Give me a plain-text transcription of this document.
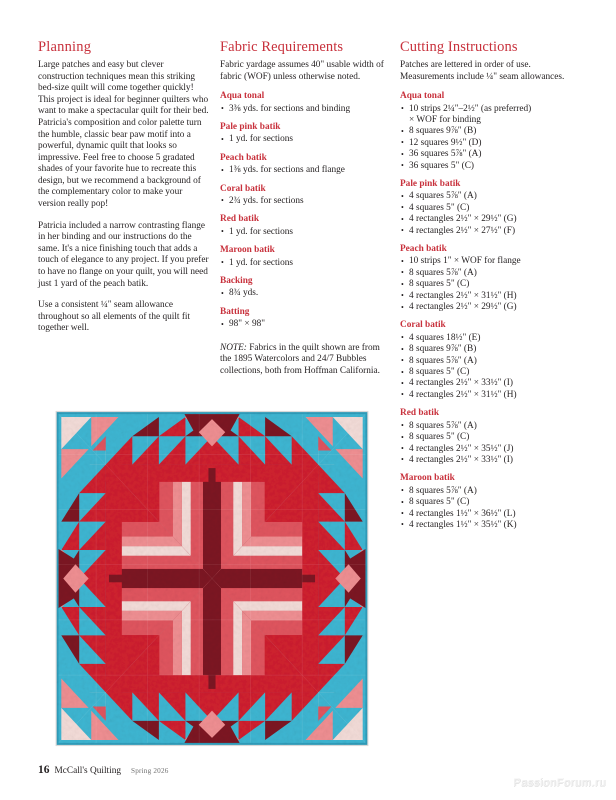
Planning

Large patches and easy but clever construction techniques mean this striking bed-size quilt will come together quickly! This project is ideal for beginner quilters who want to make a spectacular quilt for their bed. Patricia's composition and color palette turn the humble, classic bear paw motif into a powerful, dynamic quilt that looks so impressive. Feel free to choose 5 gradated shades of your favorite hue to recreate this design, but we recommend a background of the complementary color to make your version really pop!

Patricia included a narrow contrasting flange in her binding and our instructions do the same. It's a nice finishing touch that adds a touch of elegance to any project. If you prefer to have no flange on your quilt, you will need just 1 yard of the peach batik.

Use a consistent ¼" seam allowance throughout so all elements of the quilt fit together well.

Fabric Requirements

Fabric yardage assumes 40" usable width of fabric (WOF) unless otherwise noted.

Aqua tonal
• 3⅜ yds. for sections and binding
Pale pink batik
• 1 yd. for sections
Peach batik
• 1⅜ yds. for sections and flange
Coral batik
• 2¾ yds. for sections
Red batik
• 1 yd. for sections
Maroon batik
• 1 yd. for sections
Backing
• 8¾ yds.
Batting
• 98" × 98"

NOTE: Fabrics in the quilt shown are from the 1895 Watercolors and 24/7 Bubbles collections, both from Hoffman California.

Cutting Instructions

Patches are lettered in order of use. Measurements include ¼" seam allowances.

Aqua tonal
• 10 strips 2¼"–2½" (as preferred)
× WOF for binding
• 8 squares 9⅞" (B)
• 12 squares 9½" (D)
• 36 squares 5⅞" (A)
• 36 squares 5" (C)
Pale pink batik
• 4 squares 5⅞" (A)
• 4 squares 5" (C)
• 4 rectangles 2½" × 29½" (G)
• 4 rectangles 2½" × 27½" (F)
Peach batik
• 10 strips 1" × WOF for flange
• 8 squares 5⅞" (A)
• 8 squares 5" (C)
• 4 rectangles 2½" × 31½" (H)
• 4 rectangles 2½" × 29½" (G)
Coral batik
• 4 squares 18½" (E)
• 8 squares 9⅞" (B)
• 8 squares 5⅞" (A)
• 8 squares 5" (C)
• 4 rectangles 2½" × 33½" (I)
• 4 rectangles 2½" × 31½" (H)
Red batik
• 8 squares 5⅞" (A)
• 8 squares 5" (C)
• 4 rectangles 2½" × 35½" (J)
• 4 rectangles 2½" × 33½" (I)
Maroon batik
• 8 squares 5⅞" (A)
• 8 squares 5" (C)
• 4 rectangles 1½" × 36½" (L)
• 4 rectangles 1½" × 35½" (K)
16 McCall's Quilting Spring 2026
PassionForum.ru
